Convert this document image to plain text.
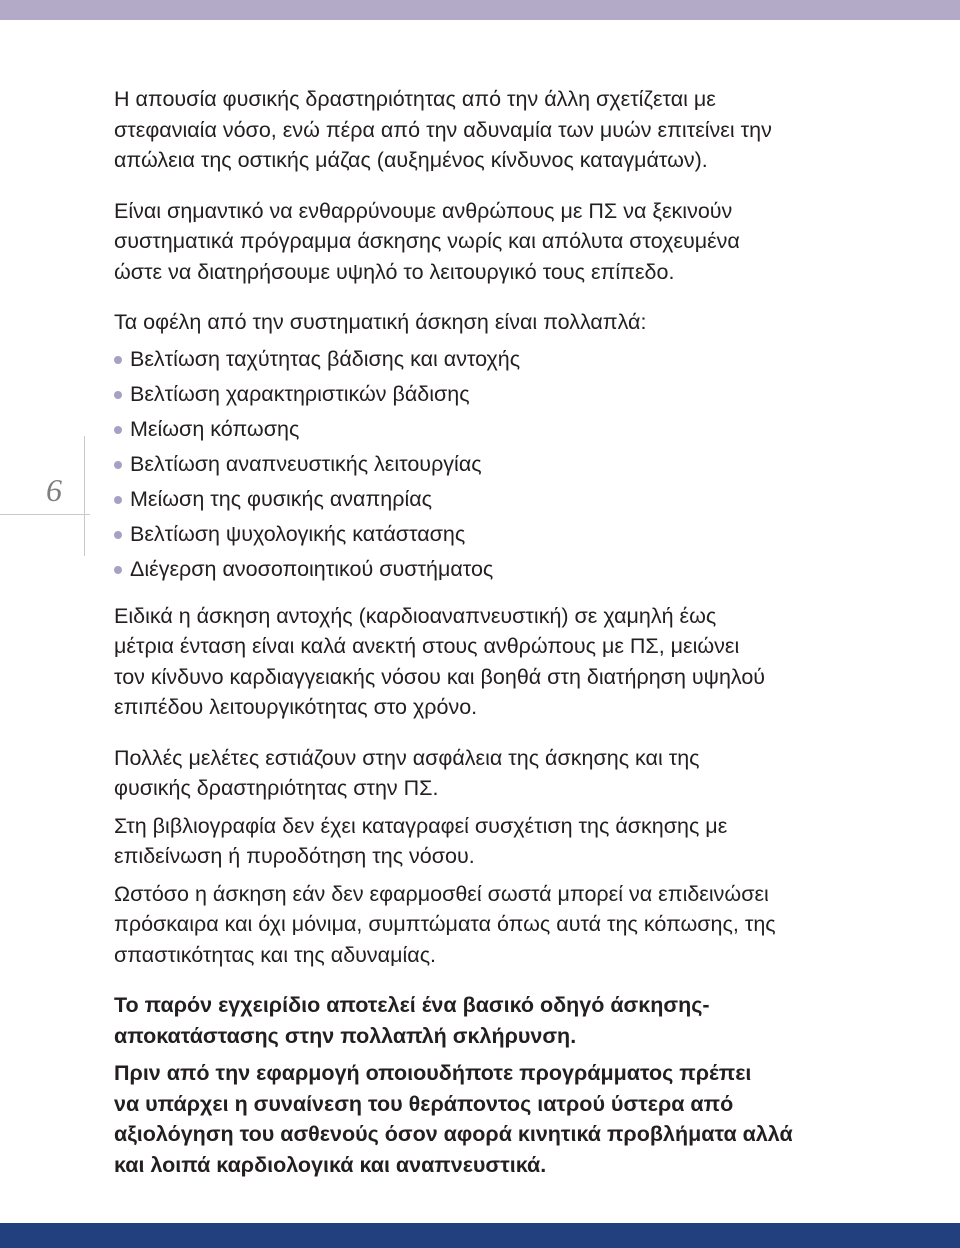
6

Η απουσία φυσικής δραστηριότητας από την άλλη σχετίζεται με
στεφανιαία νόσο, ενώ πέρα από την αδυναμία των μυών επιτείνει την
απώλεια της οστικής μάζας (αυξημένος κίνδυνος καταγμάτων).

Είναι σημαντικό να ενθαρρύνουμε ανθρώπους με ΠΣ να ξεκινούν
συστηματικά πρόγραμμα άσκησης νωρίς και απόλυτα στοχευμένα
ώστε να διατηρήσουμε υψηλό το λειτουργικό τους επίπεδο.

Τα οφέλη από την συστηματική άσκηση είναι πολλαπλά:

Βελτίωση ταχύτητας βάδισης και αντοχής
Βελτίωση χαρακτηριστικών βάδισης
Μείωση κόπωσης
Βελτίωση αναπνευστικής λειτουργίας
Μείωση της φυσικής αναπηρίας
Βελτίωση ψυχολογικής κατάστασης
Διέγερση ανοσοποιητικού συστήματος

Ειδικά η άσκηση αντοχής (καρδιοαναπνευστική) σε χαμηλή έως
μέτρια ένταση είναι καλά ανεκτή στους ανθρώπους με ΠΣ, μειώνει
τον κίνδυνο καρδιαγγειακής νόσου και βοηθά στη διατήρηση υψηλού
επιπέδου λειτουργικότητας στο χρόνο.

Πολλές μελέτες εστιάζουν στην ασφάλεια της άσκησης και της
φυσικής δραστηριότητας στην ΠΣ.

Στη βιβλιογραφία δεν έχει καταγραφεί συσχέτιση της άσκησης με
επιδείνωση ή πυροδότηση της νόσου.

Ωστόσο η άσκηση εάν δεν εφαρμοσθεί σωστά μπορεί να επιδεινώσει
πρόσκαιρα και όχι μόνιμα, συμπτώματα όπως αυτά της κόπωσης, της
σπαστικότητας και της αδυναμίας.

Το παρόν εγχειρίδιο αποτελεί ένα βασικό οδηγό άσκησης-
αποκατάστασης στην πολλαπλή σκλήρυνση.

Πριν από την εφαρμογή οποιουδήποτε προγράμματος πρέπει
να υπάρχει η συναίνεση του θεράποντος ιατρού ύστερα από
αξιολόγηση του ασθενούς όσον αφορά κινητικά προβλήματα αλλά
και λοιπά καρδιολογικά και αναπνευστικά.
